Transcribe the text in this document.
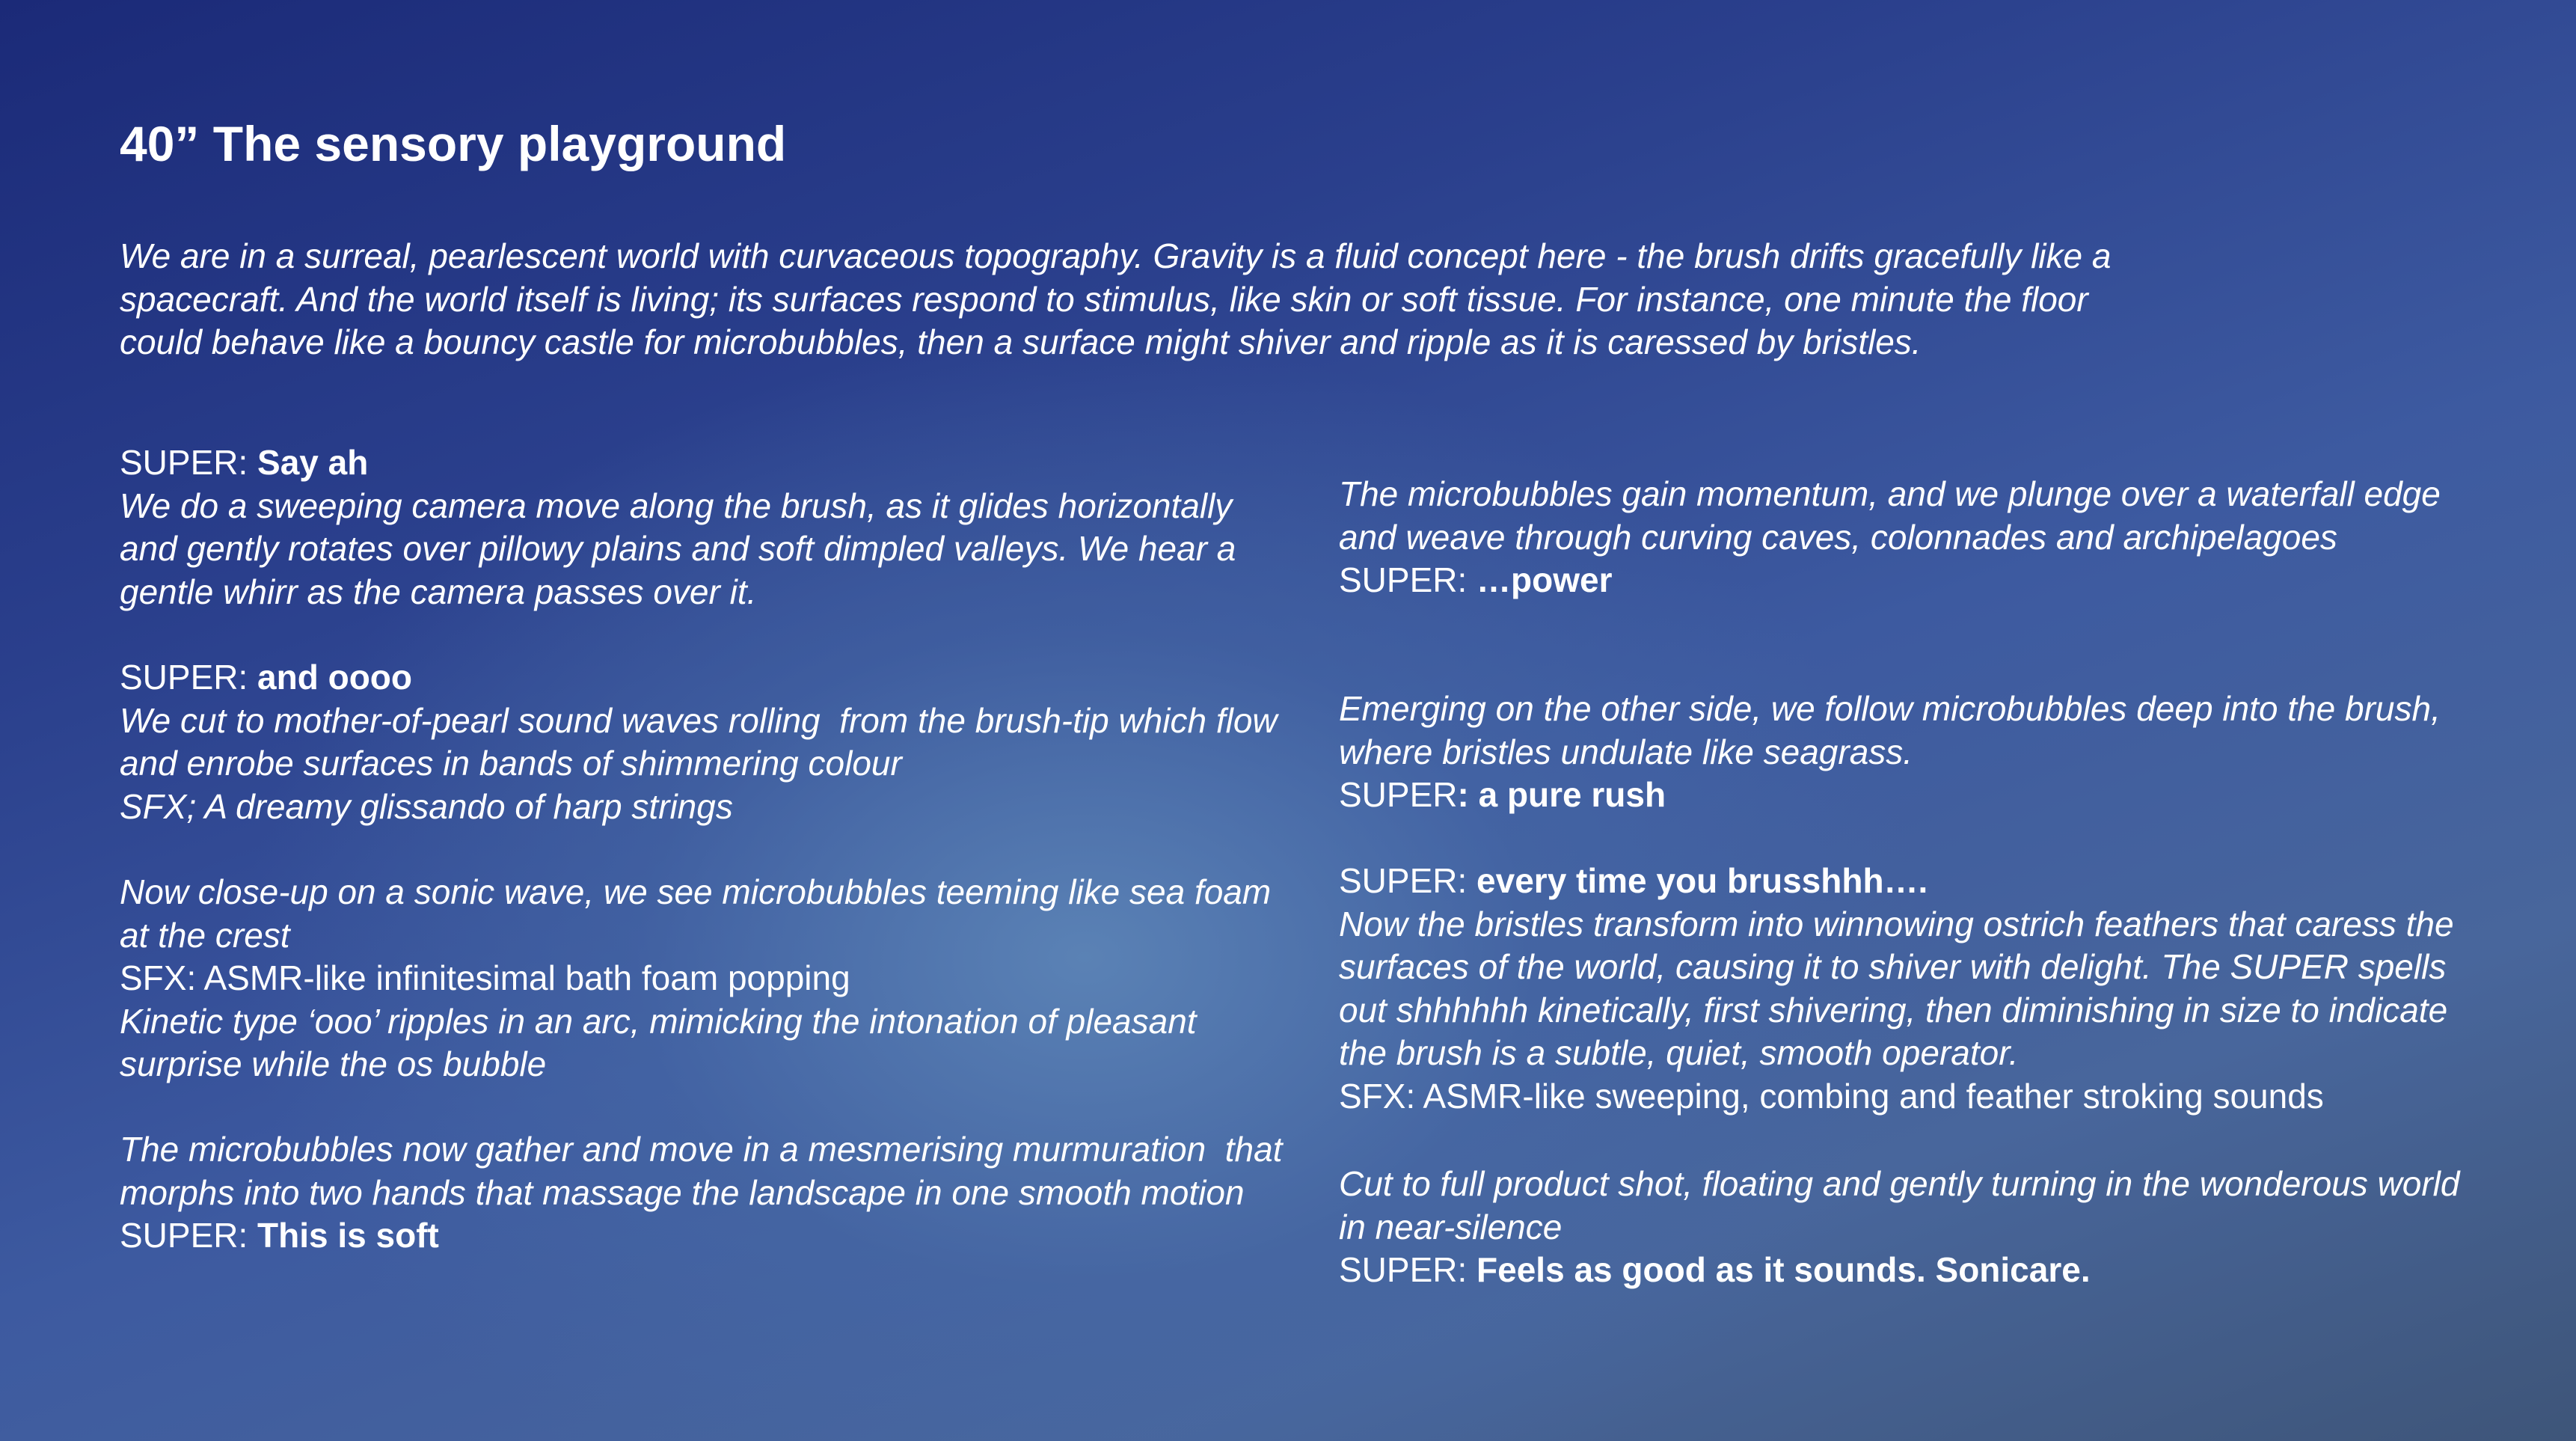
40” The sensory playground

We are in a surreal, pearlescent world with curvaceous topography. Gravity is a fluid concept here - the brush drifts gracefully like a spacecraft. And the world itself is living; its surfaces respond to stimulus, like skin or soft tissue. For instance, one minute the floor could behave like a bouncy castle for microbubbles, then a surface might shiver and ripple as it is caressed by bristles.

SUPER: Say ah
We do a sweeping camera move along the brush, as it glides horizontally and gently rotates over pillowy plains and soft dimpled valleys. We hear a gentle whirr as the camera passes over it.
SUPER: and oooo
We cut to mother-of-pearl sound waves rolling  from the brush-tip which flow and enrobe surfaces in bands of shimmering colour
SFX; A dreamy glissando of harp strings
Now close-up on a sonic wave, we see microbubbles teeming like sea foam at the crest
SFX: ASMR-like infinitesimal bath foam popping
Kinetic type ‘ooo’ ripples in an arc, mimicking the intonation of pleasant surprise while the os bubble
The microbubbles now gather and move in a mesmerising murmuration  that morphs into two hands that massage the landscape in one smooth motion
SUPER: This is soft
The microbubbles gain momentum, and we plunge over a waterfall edge and weave through curving caves, colonnades and archipelagoes
SUPER: …power
Emerging on the other side, we follow microbubbles deep into the brush, where bristles undulate like seagrass.
SUPER: a pure rush
SUPER: every time you brusshhh….
Now the bristles transform into winnowing ostrich feathers that caress the surfaces of the world, causing it to shiver with delight. The SUPER spells out shhhhhh kinetically, first shivering, then diminishing in size to indicate the brush is a subtle, quiet, smooth operator.
SFX: ASMR-like sweeping, combing and feather stroking sounds
Cut to full product shot, floating and gently turning in the wonderous world in near-silence
SUPER: Feels as good as it sounds. Sonicare.
